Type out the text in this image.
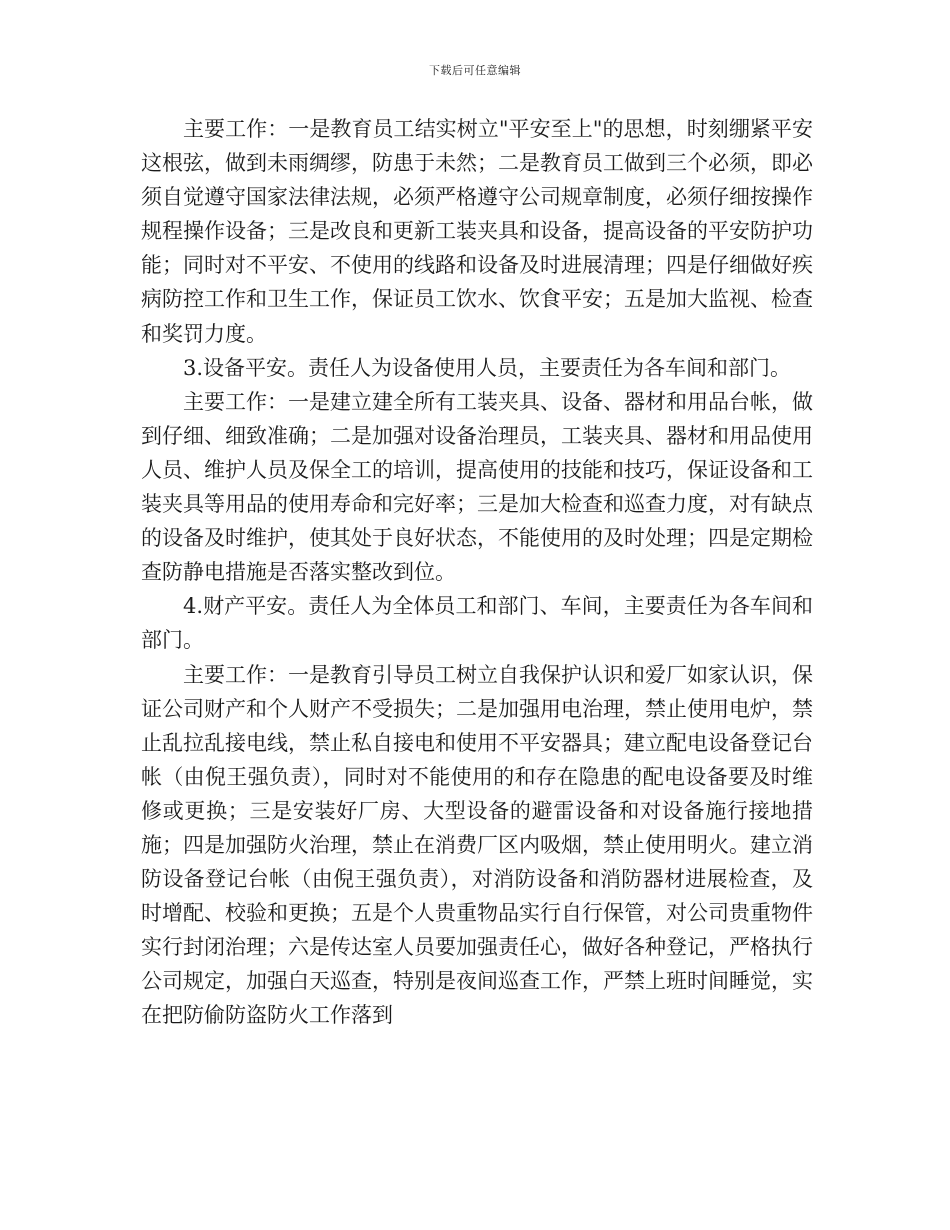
下载后可任意编辑

主要工作：一是教育员工结实树立"平安至上"的思想，时刻绷紧平安这根弦，做到未雨绸缪，防患于未然；二是教育员工做到三个必须，即必须自觉遵守国家法律法规，必须严格遵守公司规章制度，必须仔细按操作规程操作设备；三是改良和更新工装夹具和设备，提高设备的平安防护功能；同时对不平安、不使用的线路和设备及时进展清理；四是仔细做好疾病防控工作和卫生工作，保证员工饮水、饮食平安；五是加大监视、检查和奖罚力度。

3.设备平安。责任人为设备使用人员，主要责任为各车间和部门。

主要工作：一是建立建全所有工装夹具、设备、器材和用品台帐，做到仔细、细致准确；二是加强对设备治理员，工装夹具、器材和用品使用人员、维护人员及保全工的培训，提高使用的技能和技巧，保证设备和工装夹具等用品的使用寿命和完好率；三是加大检查和巡查力度，对有缺点的设备及时维护，使其处于良好状态，不能使用的及时处理；四是定期检查防静电措施是否落实整改到位。

4.财产平安。责任人为全体员工和部门、车间，主要责任为各车间和部门。

主要工作：一是教育引导员工树立自我保护认识和爱厂如家认识，保证公司财产和个人财产不受损失；二是加强用电治理，禁止使用电炉，禁止乱拉乱接电线，禁止私自接电和使用不平安器具；建立配电设备登记台帐（由倪王强负责），同时对不能使用的和存在隐患的配电设备要及时维修或更换；三是安装好厂房、大型设备的避雷设备和对设备施行接地措施；四是加强防火治理，禁止在消费厂区内吸烟，禁止使用明火。建立消防设备登记台帐（由倪王强负责），对消防设备和消防器材进展检查，及时增配、校验和更换；五是个人贵重物品实行自行保管，对公司贵重物件实行封闭治理；六是传达室人员要加强责任心，做好各种登记，严格执行公司规定，加强白天巡查，特别是夜间巡查工作，严禁上班时间睡觉，实在把防偷防盗防火工作落到
